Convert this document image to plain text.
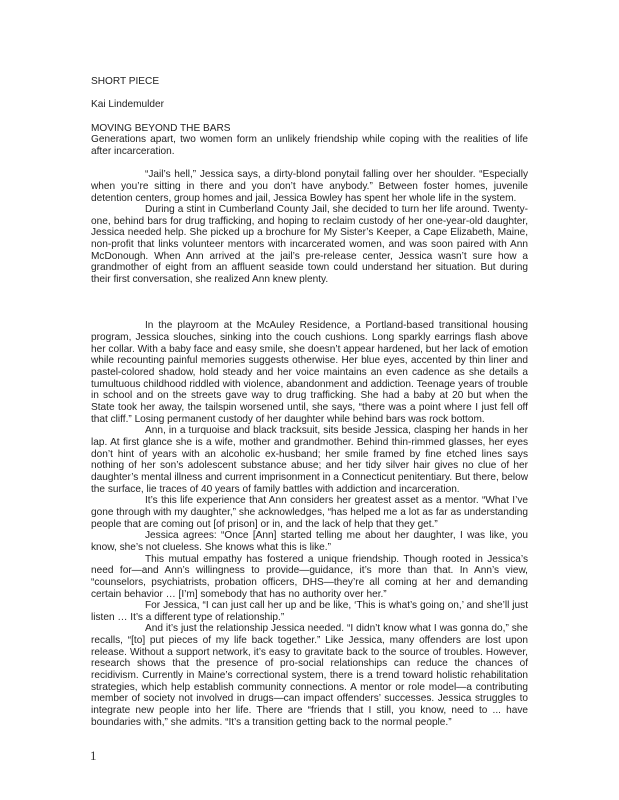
SHORT PIECE

Kai Lindemulder

MOVING BEYOND THE BARS

Generations apart, two women form an unlikely friendship while coping with the realities of life after incarceration.

“Jail’s hell,” Jessica says, a dirty-blond ponytail falling over her shoulder. “Especially when you’re sitting in there and you don’t have anybody.” Between foster homes, juvenile detention centers, group homes and jail, Jessica Bowley has spent her whole life in the system.

During a stint in Cumberland County Jail, she decided to turn her life around. Twenty-one, behind bars for drug trafficking, and hoping to reclaim custody of her one-year-old daughter, Jessica needed help. She picked up a brochure for My Sister’s Keeper, a Cape Elizabeth, Maine, non-profit that links volunteer mentors with incarcerated women, and was soon paired with Ann McDonough. When Ann arrived at the jail’s pre-release center, Jessica wasn’t sure how a grandmother of eight from an affluent seaside town could understand her situation. But during their first conversation, she realized Ann knew plenty.

In the playroom at the McAuley Residence, a Portland-based transitional housing program, Jessica slouches, sinking into the couch cushions. Long sparkly earrings flash above her collar. With a baby face and easy smile, she doesn’t appear hardened, but her lack of emotion while recounting painful memories suggests otherwise. Her blue eyes, accented by thin liner and pastel-colored shadow, hold steady and her voice maintains an even cadence as she details a tumultuous childhood riddled with violence, abandonment and addiction. Teenage years of trouble in school and on the streets gave way to drug trafficking. She had a baby at 20 but when the State took her away, the tailspin worsened until, she says, “there was a point where I just fell off that cliff.” Losing permanent custody of her daughter while behind bars was rock bottom.

Ann, in a turquoise and black tracksuit, sits beside Jessica, clasping her hands in her lap. At first glance she is a wife, mother and grandmother. Behind thin-rimmed glasses, her eyes don’t hint of years with an alcoholic ex-husband; her smile framed by fine etched lines says nothing of her son’s adolescent substance abuse; and her tidy silver hair gives no clue of her daughter’s mental illness and current imprisonment in a Connecticut penitentiary. But there, below the surface, lie traces of 40 years of family battles with addiction and incarceration.

It’s this life experience that Ann considers her greatest asset as a mentor. “What I’ve gone through with my daughter,” she acknowledges, “has helped me a lot as far as understanding people that are coming out [of prison] or in, and the lack of help that they get.”

Jessica agrees: “Once [Ann] started telling me about her daughter, I was like, you know, she’s not clueless. She knows what this is like.”

This mutual empathy has fostered a unique friendship. Though rooted in Jessica’s need for—and Ann’s willingness to provide—guidance, it’s more than that. In Ann’s view, “counselors, psychiatrists, probation officers, DHS—they’re all coming at her and demanding certain behavior … [I’m] somebody that has no authority over her.”

For Jessica, “I can just call her up and be like, ‘This is what’s going on,’ and she’ll just listen … It’s a different type of relationship.”

And it’s just the relationship Jessica needed. “I didn’t know what I was gonna do,” she recalls, “[to] put pieces of my life back together.” Like Jessica, many offenders are lost upon release. Without a support network, it’s easy to gravitate back to the source of troubles. However, research shows that the presence of pro-social relationships can reduce the chances of recidivism. Currently in Maine’s correctional system, there is a trend toward holistic rehabilitation strategies, which help establish community connections. A mentor or role model—a contributing member of society not involved in drugs—can impact offenders’ successes. Jessica struggles to integrate new people into her life. There are “friends that I still, you know, need to ... have boundaries with,” she admits. “It’s a transition getting back to the normal people.”

1
